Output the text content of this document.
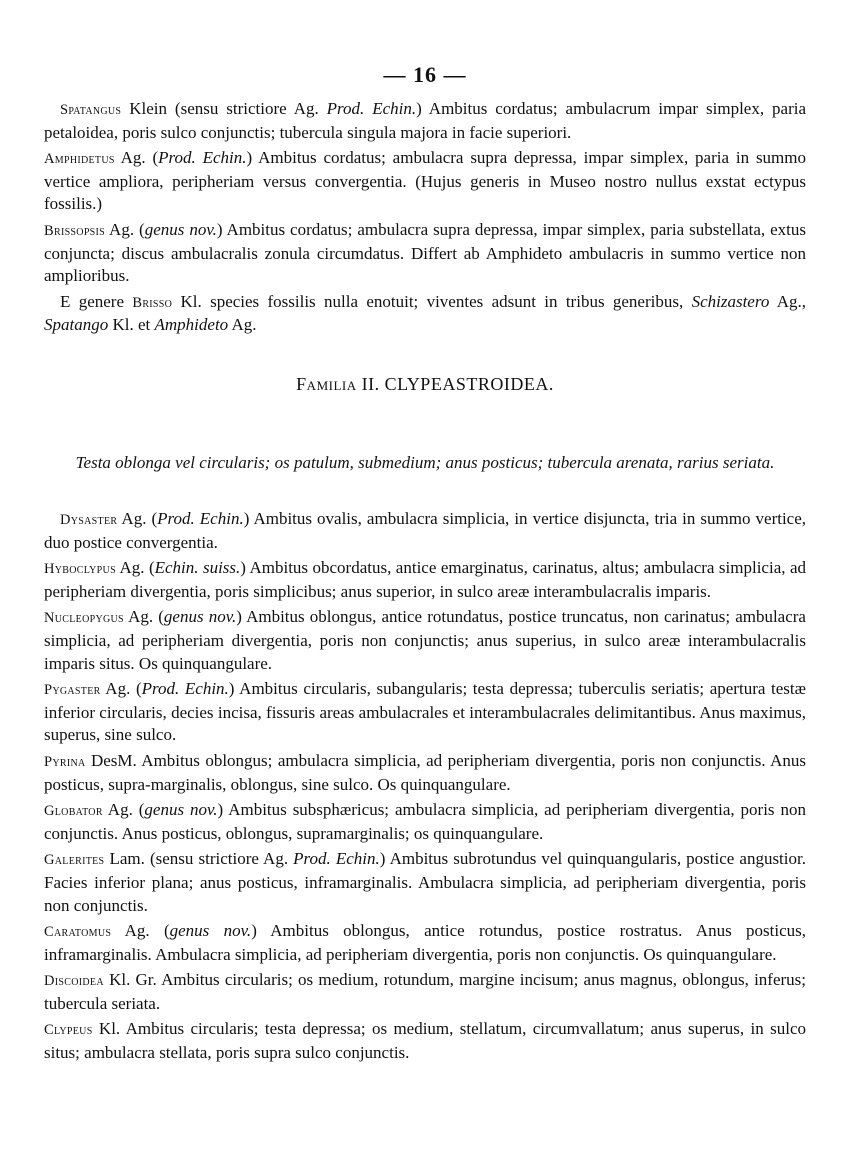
— 16 —

Spatangus Klein (sensu strictiore Ag. Prod. Echin.) Ambitus cordatus; ambulacrum impar simplex, paria petaloidea, poris sulco conjunctis; tubercula singula majora in facie superiori.

Amphidetus Ag. (Prod. Echin.) Ambitus cordatus; ambulacra supra depressa, impar simplex, paria in summo vertice ampliora, peripheriam versus convergentia. (Hujus generis in Museo nostro nullus exstat ectypus fossilis.)

Brissopsis Ag. (genus nov.) Ambitus cordatus; ambulacra supra depressa, impar simplex, paria substellata, extus conjuncta; discus ambulacralis zonula circumdatus. Differt ab Amphideto ambulacris in summo vertice non amplioribus.

E genere Brisso Kl. species fossilis nulla enotuit; viventes adsunt in tribus generibus, Schizastero Ag., Spatango Kl. et Amphideto Ag.

Familia II. CLYPEASTROIDEA.
Testa oblonga vel circularis; os patulum, submedium; anus posticus; tubercula arenata, rarius seriata.

Dysaster Ag. (Prod. Echin.) Ambitus ovalis, ambulacra simplicia, in vertice disjuncta, tria in summo vertice, duo postice convergentia.

Hyboclypus Ag. (Echin. suiss.) Ambitus obcordatus, antice emarginatus, carinatus, altus; ambulacra simplicia, ad peripheriam divergentia, poris simplicibus; anus superior, in sulco areæ interambulacralis imparis.

Nucleopygus Ag. (genus nov.) Ambitus oblongus, antice rotundatus, postice truncatus, non carinatus; ambulacra simplicia, ad peripheriam divergentia, poris non conjunctis; anus superius, in sulco areæ interambulacralis imparis situs. Os quinquangulare.

Pygaster Ag. (Prod. Echin.) Ambitus circularis, subangularis; testa depressa; tuberculis seriatis; apertura testæ inferior circularis, decies incisa, fissuris areas ambulacrales et interambulacrales delimitantibus. Anus maximus, superus, sine sulco.

Pyrina DesM. Ambitus oblongus; ambulacra simplicia, ad peripheriam divergentia, poris non conjunctis. Anus posticus, supra-marginalis, oblongus, sine sulco. Os quinquangulare.

Globator Ag. (genus nov.) Ambitus subsphæricus; ambulacra simplicia, ad peripheriam divergentia, poris non conjunctis. Anus posticus, oblongus, supramarginalis; os quinquangulare.

Galerites Lam. (sensu strictiore Ag. Prod. Echin.) Ambitus subrotundus vel quinquangularis, postice angustior. Facies inferior plana; anus posticus, inframarginalis. Ambulacra simplicia, ad peripheriam divergentia, poris non conjunctis.

Caratomus Ag. (genus nov.) Ambitus oblongus, antice rotundus, postice rostratus. Anus posticus, inframarginalis. Ambulacra simplicia, ad peripheriam divergentia, poris non conjunctis. Os quinquangulare.

Discoidea Kl. Gr. Ambitus circularis; os medium, rotundum, margine incisum; anus magnus, oblongus, inferus; tubercula seriata.

Clypeus Kl. Ambitus circularis; testa depressa; os medium, stellatum, circumvallatum; anus superus, in sulco situs; ambulacra stellata, poris supra sulco conjunctis.
